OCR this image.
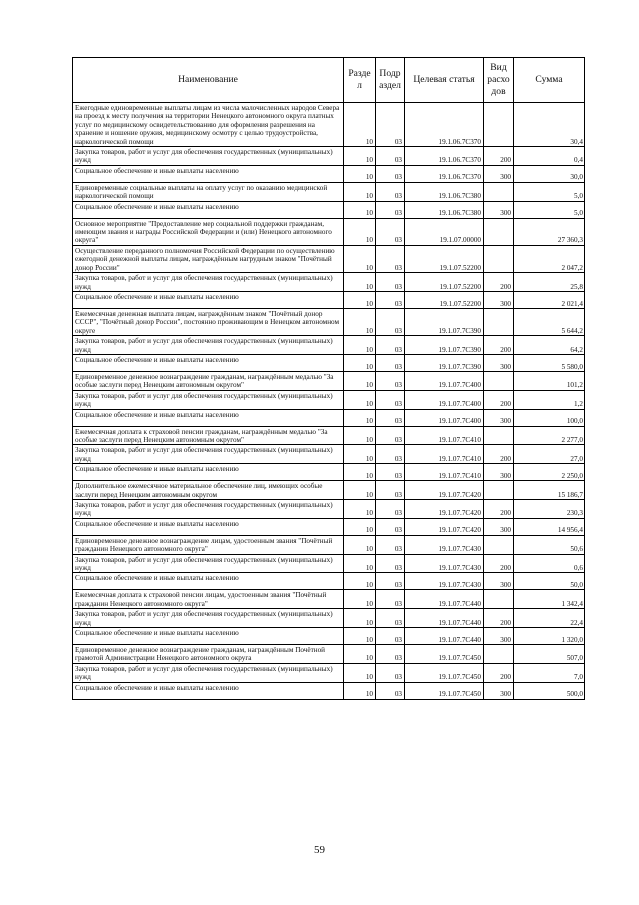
Наименование	Разде л	Подр аздел	Целевая статья	Вид расхо дов	Сумма
Ежегодные единовременные выплаты лицам из числа малочисленных народов Севера на проезд к месту получения на территории Ненецкого автономного округа платных услуг по медицинскому освидетельствованию для оформления разрешения на хранение и ношение оружия, медицинскому осмотру с целью трудоустройства, наркологической помощи	10	03	19.1.06.7С370		30,4
Закупка товаров, работ и услуг для обеспечения государственных (муниципальных) нужд	10	03	19.1.06.7С370	200	0,4
Социальное обеспечение и иные выплаты населению	10	03	19.1.06.7С370	300	30,0
Единовременные социальные выплаты на оплату услуг по оказанию медицинской наркологической помощи	10	03	19.1.06.7С380		5,0
Социальное обеспечение и иные выплаты населению	10	03	19.1.06.7С380	300	5,0
Основное мероприятие "Предоставление мер социальной поддержки гражданам, имеющим звания и награды Российской Федерации и (или) Ненецкого автономного округа"	10	03	19.1.07.00000		27 360,3
Осуществление переданного полномочия Российской Федерации по осуществлению ежегодной денежной выплаты лицам, награждённым нагрудным знаком "Почётный донор России"	10	03	19.1.07.52200		2 047,2
Закупка товаров, работ и услуг для обеспечения государственных (муниципальных) нужд	10	03	19.1.07.52200	200	25,8
Социальное обеспечение и иные выплаты населению	10	03	19.1.07.52200	300	2 021,4
Ежемесячная денежная выплата лицам, награждённым знаком "Почётный донор СССР", "Почётный донор России", постоянно проживающим в Ненецком автономном округе	10	03	19.1.07.7С390		5 644,2
Закупка товаров, работ и услуг для обеспечения государственных (муниципальных) нужд	10	03	19.1.07.7С390	200	64,2
Социальное обеспечение и иные выплаты населению	10	03	19.1.07.7С390	300	5 580,0
Единовременное денежное вознаграждение гражданам, награждённым медалью "За особые заслуги перед Ненецким автономным округом"	10	03	19.1.07.7С400		101,2
Закупка товаров, работ и услуг для обеспечения государственных (муниципальных) нужд	10	03	19.1.07.7С400	200	1,2
Социальное обеспечение и иные выплаты населению	10	03	19.1.07.7С400	300	100,0
Ежемесячная доплата к страховой пенсии гражданам, награждённым медалью "За особые заслуги перед Ненецким автономным округом"	10	03	19.1.07.7С410		2 277,0
Закупка товаров, работ и услуг для обеспечения государственных (муниципальных) нужд	10	03	19.1.07.7С410	200	27,0
Социальное обеспечение и иные выплаты населению	10	03	19.1.07.7С410	300	2 250,0
Дополнительное ежемесячное материальное обеспечение лиц, имеющих особые заслуги перед Ненецким автономным округом	10	03	19.1.07.7С420		15 186,7
Закупка товаров, работ и услуг для обеспечения государственных (муниципальных) нужд	10	03	19.1.07.7С420	200	230,3
Социальное обеспечение и иные выплаты населению	10	03	19.1.07.7С420	300	14 956,4
Единовременное денежное вознаграждение лицам, удостоенным звания "Почётный гражданин Ненецкого автономного округа"	10	03	19.1.07.7С430		50,6
Закупка товаров, работ и услуг для обеспечения государственных (муниципальных) нужд	10	03	19.1.07.7С430	200	0,6
Социальное обеспечение и иные выплаты населению	10	03	19.1.07.7С430	300	50,0
Ежемесячная доплата к страховой пенсии лицам, удостоенным звания "Почётный гражданин Ненецкого автономного округа"	10	03	19.1.07.7С440		1 342,4
Закупка товаров, работ и услуг для обеспечения государственных (муниципальных) нужд	10	03	19.1.07.7С440	200	22,4
Социальное обеспечение и иные выплаты населению	10	03	19.1.07.7С440	300	1 320,0
Единовременное денежное вознаграждение гражданам, награждённым Почётной грамотой Администрации Ненецкого автономного округа	10	03	19.1.07.7С450		507,0
Закупка товаров, работ и услуг для обеспечения государственных (муниципальных) нужд	10	03	19.1.07.7С450	200	7,0
Социальное обеспечение и иные выплаты населению	10	03	19.1.07.7С450	300	500,0
59
